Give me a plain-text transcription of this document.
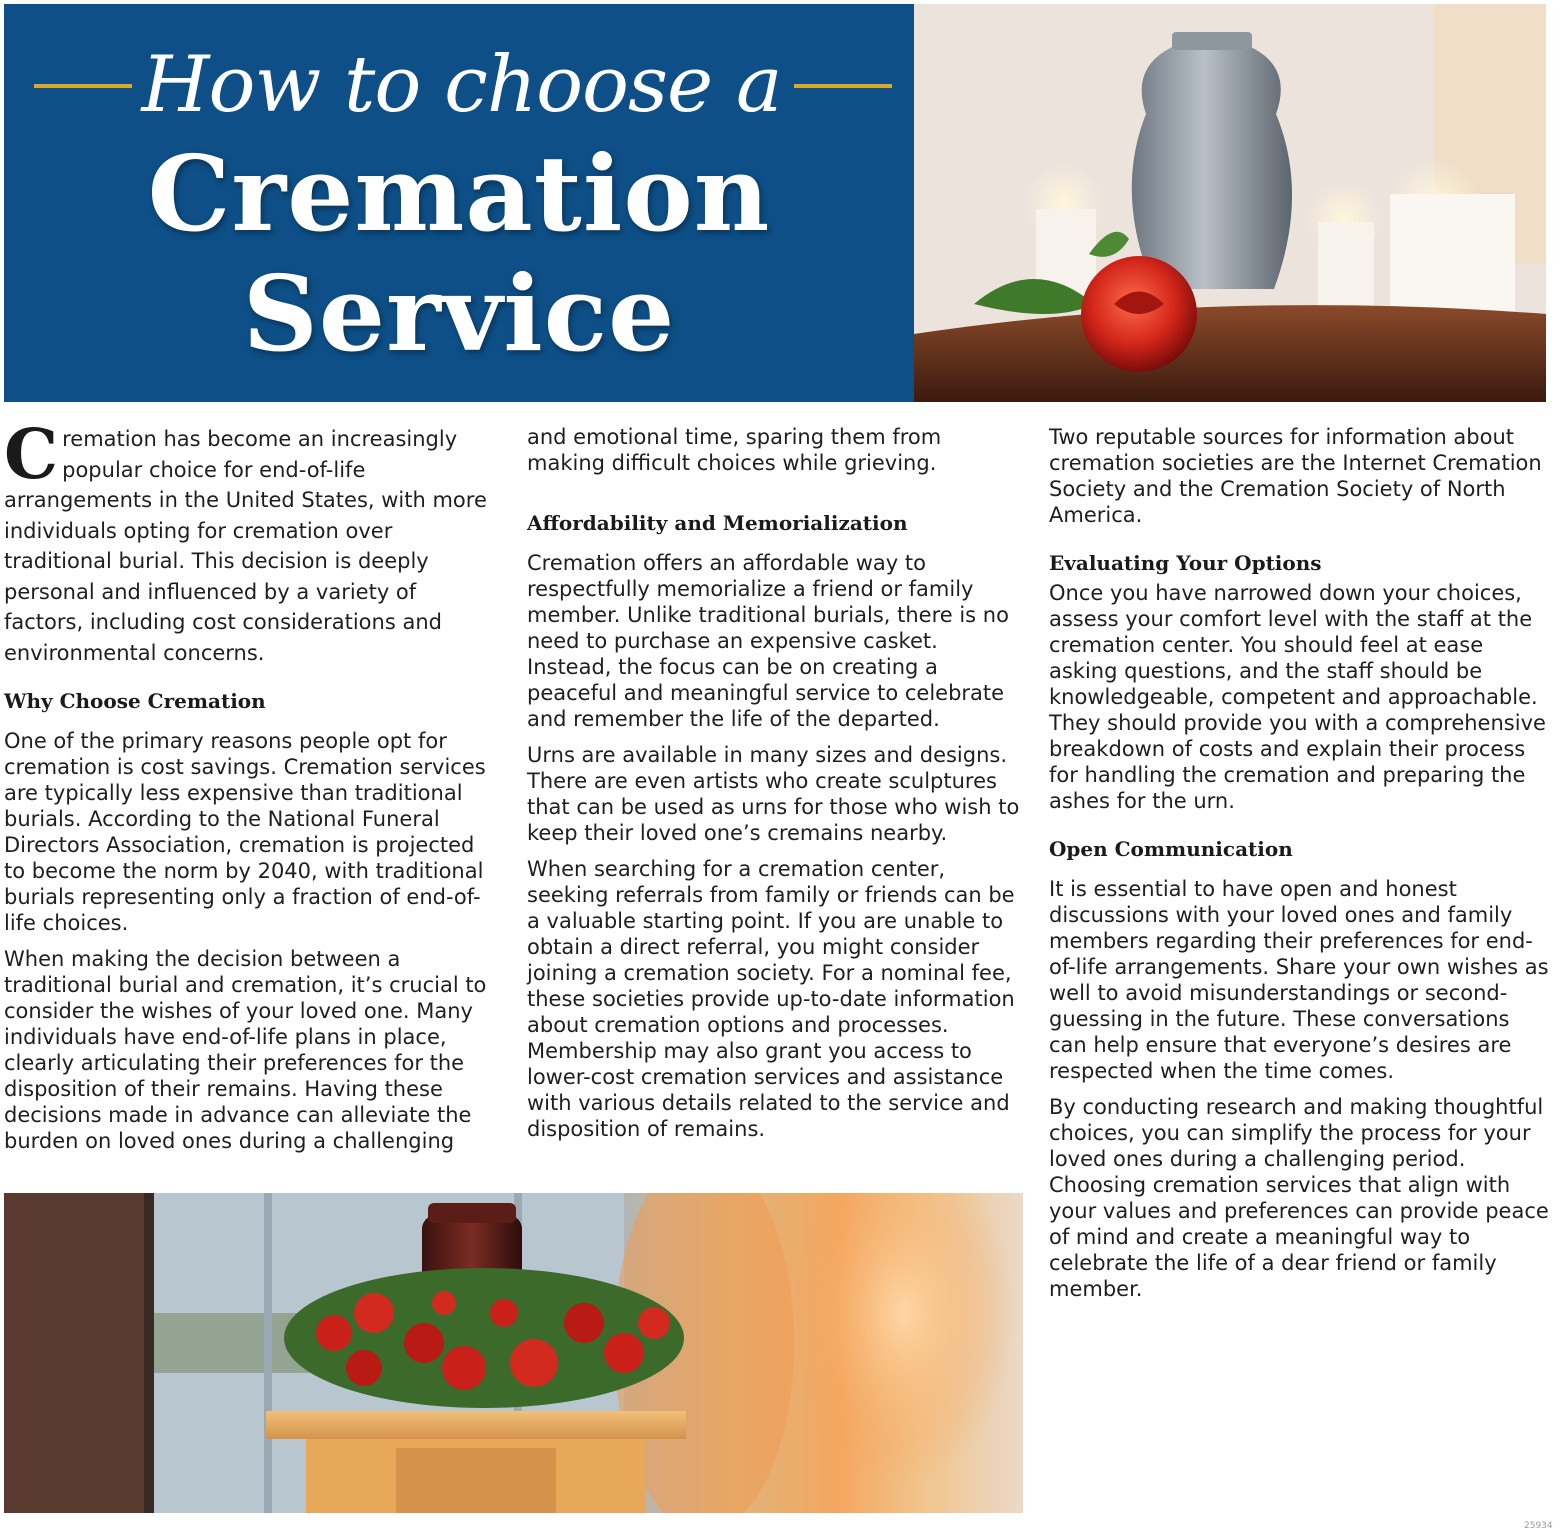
How to choose a
Cremation
Service

Cremation has become an increasingly popular choice for end-of-life arrangements in the United States, with more individuals opting for cremation over traditional burial. This decision is deeply personal and influenced by a variety of factors, including cost considerations and environmental concerns.

Why Choose Cremation

One of the primary reasons people opt for cremation is cost savings. Cremation services are typically less expensive than traditional burials. According to the National Funeral Directors Association, cremation is projected to become the norm by 2040, with traditional burials representing only a fraction of end-of-life choices.

When making the decision between a traditional burial and cremation, it’s crucial to consider the wishes of your loved one. Many individuals have end-of-life plans in place, clearly articulating their preferences for the disposition of their remains. Having these decisions made in advance can alleviate the burden on loved ones during a challenging

and emotional time, sparing them from making difficult choices while grieving.

Affordability and Memorialization

Cremation offers an affordable way to respectfully memorialize a friend or family member. Unlike traditional burials, there is no need to purchase an expensive casket. Instead, the focus can be on creating a peaceful and meaningful service to celebrate and remember the life of the departed.

Urns are available in many sizes and designs. There are even artists who create sculptures that can be used as urns for those who wish to keep their loved one’s cremains nearby.

When searching for a cremation center, seeking referrals from family or friends can be a valuable starting point. If you are unable to obtain a direct referral, you might consider joining a cremation society. For a nominal fee, these societies provide up-to-date information about cremation options and processes. Membership may also grant you access to lower-cost cremation services and assistance with various details related to the service and disposition of remains.

Two reputable sources for information about cremation societies are the Internet Cremation Society and the Cremation Society of North America.

Evaluating Your Options

Once you have narrowed down your choices, assess your comfort level with the staff at the cremation center. You should feel at ease asking questions, and the staff should be knowledgeable, competent and approachable. They should provide you with a comprehensive breakdown of costs and explain their process for handling the cremation and preparing the ashes for the urn.

Open Communication

It is essential to have open and honest discussions with your loved ones and family members regarding their preferences for end-of-life arrangements. Share your own wishes as well to avoid misunderstandings or second-guessing in the future. These conversations can help ensure that everyone’s desires are respected when the time comes.

By conducting research and making thoughtful choices, you can simplify the process for your loved ones during a challenging period. Choosing cremation services that align with your values and preferences can provide peace of mind and create a meaningful way to celebrate the life of a dear friend or family member.

25934
